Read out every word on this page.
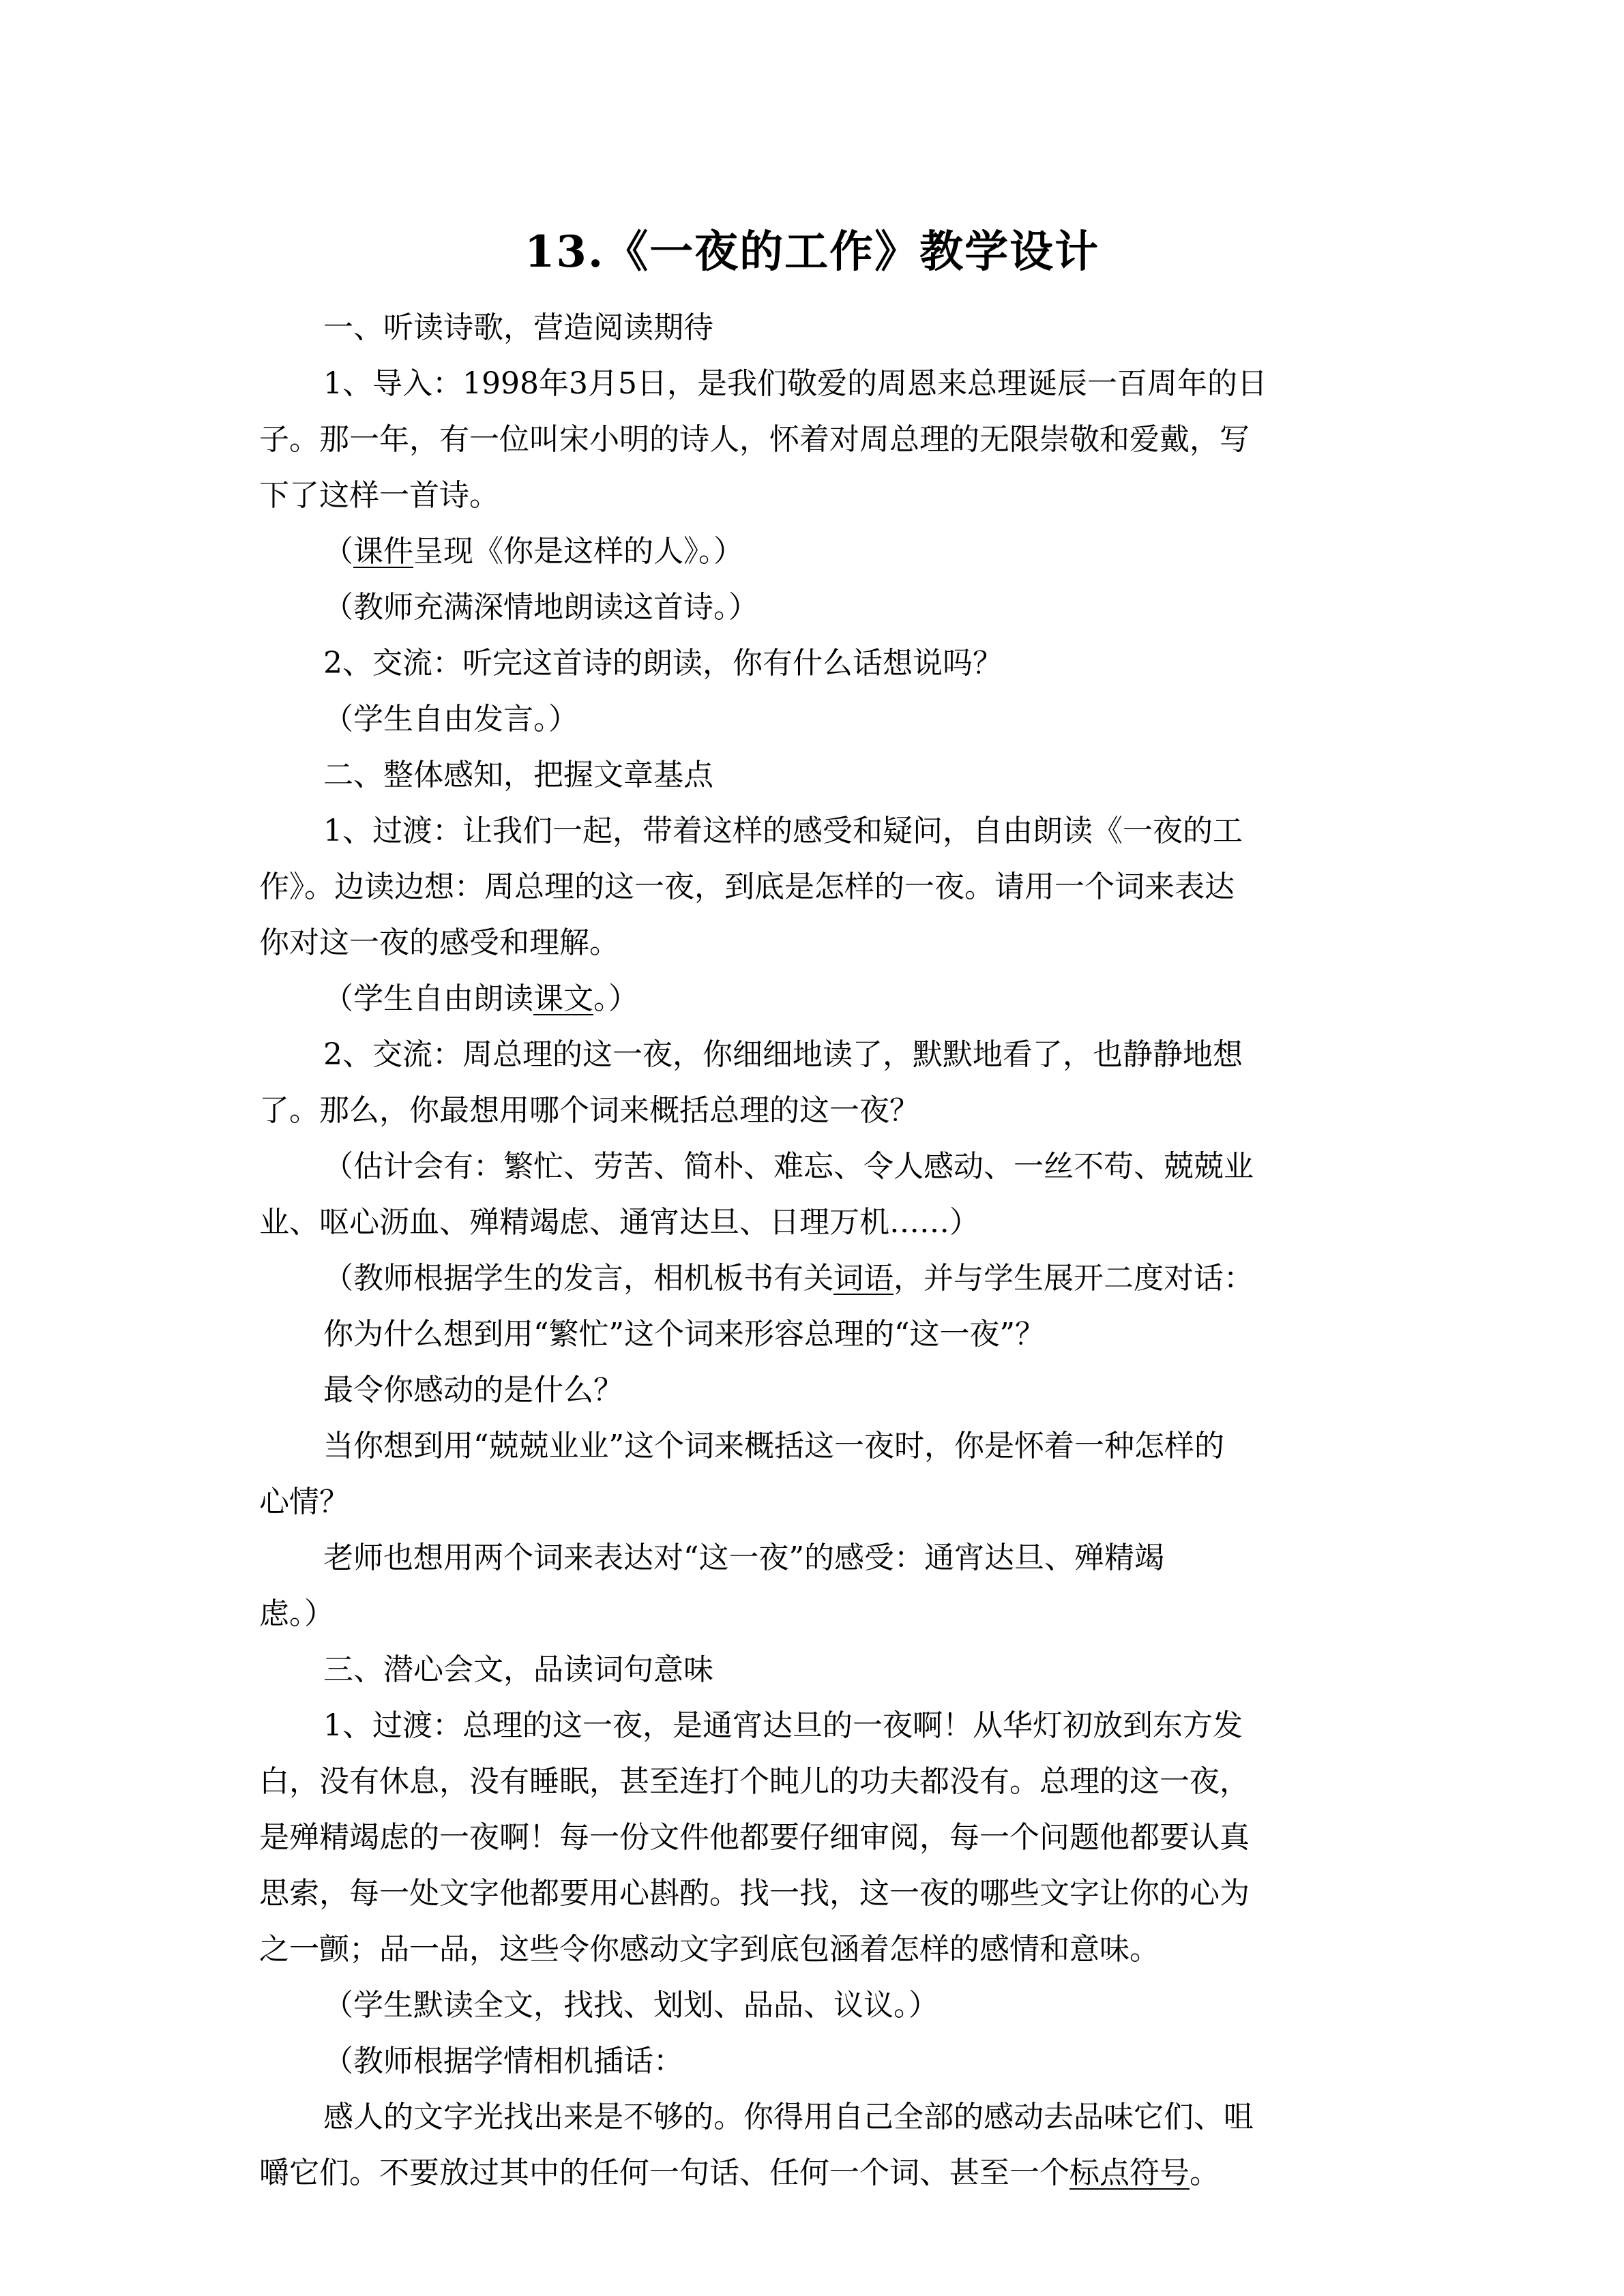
13.《一夜的工作》教学设计
一、听读诗歌，营造阅读期待
1、导入：1998年3月5日，是我们敬爱的周恩来总理诞辰一百周年的日
子。那一年，有一位叫宋小明的诗人，怀着对周总理的无限崇敬和爱戴，写
下了这样一首诗。
（课件呈现《你是这样的人》。）
（教师充满深情地朗读这首诗。）
2、交流：听完这首诗的朗读，你有什么话想说吗？
（学生自由发言。）
二、整体感知，把握文章基点
1、过渡：让我们一起，带着这样的感受和疑问，自由朗读《一夜的工
作》。边读边想：周总理的这一夜，到底是怎样的一夜。请用一个词来表达
你对这一夜的感受和理解。
（学生自由朗读课文。）
2、交流：周总理的这一夜，你细细地读了，默默地看了，也静静地想
了。那么，你最想用哪个词来概括总理的这一夜？
（估计会有：繁忙、劳苦、简朴、难忘、令人感动、一丝不苟、兢兢业
业、呕心沥血、殚精竭虑、通宵达旦、日理万机……）
（教师根据学生的发言，相机板书有关词语，并与学生展开二度对话：
你为什么想到用“繁忙”这个词来形容总理的“这一夜”？
最令你感动的是什么？
当你想到用“兢兢业业”这个词来概括这一夜时，你是怀着一种怎样的
心情？
老师也想用两个词来表达对“这一夜”的感受：通宵达旦、殚精竭
虑。）
三、潜心会文，品读词句意味
1、过渡：总理的这一夜，是通宵达旦的一夜啊！从华灯初放到东方发
白，没有休息，没有睡眠，甚至连打个盹儿的功夫都没有。总理的这一夜，
是殚精竭虑的一夜啊！每一份文件他都要仔细审阅，每一个问题他都要认真
思索，每一处文字他都要用心斟酌。找一找，这一夜的哪些文字让你的心为
之一颤；品一品，这些令你感动文字到底包涵着怎样的感情和意味。
（学生默读全文，找找、划划、品品、议议。）
（教师根据学情相机插话：
感人的文字光找出来是不够的。你得用自己全部的感动去品味它们、咀
嚼它们。不要放过其中的任何一句话、任何一个词、甚至一个标点符号。
